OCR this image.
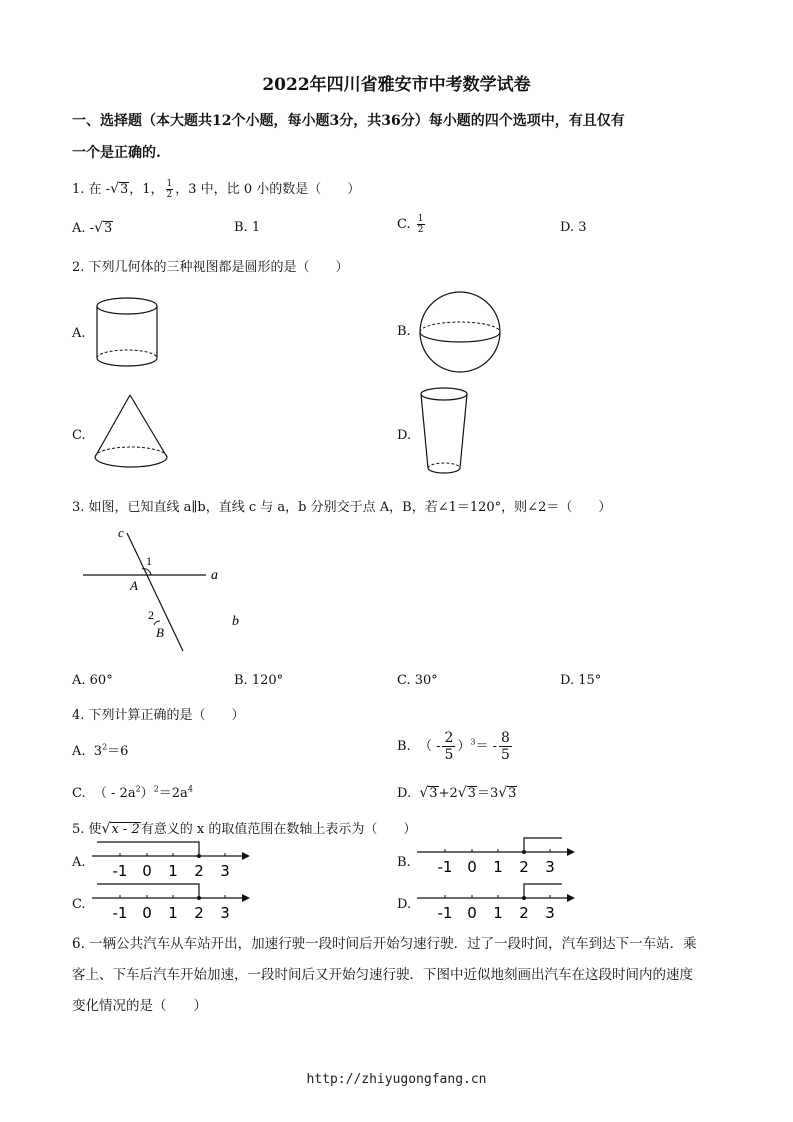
2022年四川省雅安市中考数学试卷
一、选择题（本大题共12个小题，每小题3分，共36分）每小题的四个选项中，有且仅有
一个是正确的.
1. 在 -√3，1， $\frac{1}{2}$ ，3 中，比 0 小的数是（　　）
A. -√3	B. 1	C. $\frac{1}{2}$	D. 3
2. 下列几何体的三种视图都是圆形的是（　　）
A.	B.
C.	D.
3. 如图，已知直线 a∥b，直线 c 与 a，b 分别交于点 A，B，若∠1＝120°，则∠2＝（　　）
c
1
a
A
2
B
b
A. 60°	B. 120°	C. 30°	D. 15°
4. 下列计算正确的是（　　）
A. $3^2=6$	B. （ - $\frac{2}{5} )^3= - \frac{8}{5}$
C. （ - $2a^2)^2=2a^4$	D. √3+2√3＝3√3
5. 使√x - 2有意义的 x 的取值范围在数轴上表示为（　　）
A. -1 0 1 2 3	B. -1 0 1 2 3
C. -1 0 1 2 3	D. -1 0 1 2 3
6. 一辆公共汽车从车站开出，加速行驶一段时间后开始匀速行驶．过了一段时间，汽车到达下一车站．乘
客上、下车后汽车开始加速，一段时间后又开始匀速行驶．下图中近似地刻画出汽车在这段时间内的速度
变化情况的是（　　）
http://zhiyugongfang.cn
